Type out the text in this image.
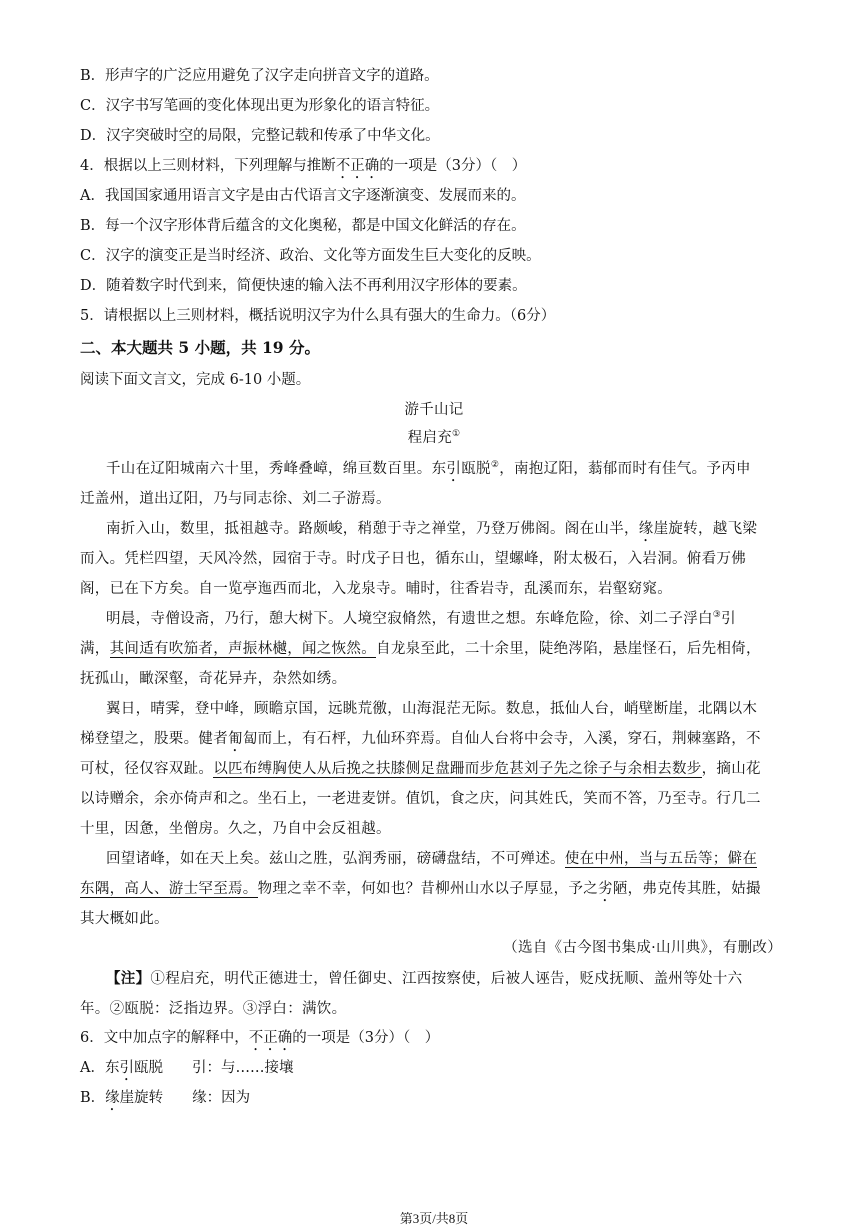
B．形声字的广泛应用避免了汉字走向拼音文字的道路。
C．汉字书写笔画的变化体现出更为形象化的语言特征。
D．汉字突破时空的局限，完整记载和传承了中华文化。
4．根据以上三则材料，下列理解与推断不正确的一项是（3分）（　）
A．我国国家通用语言文字是由古代语言文字逐渐演变、发展而来的。
B．每一个汉字形体背后蕴含的文化奥秘，都是中国文化鲜活的存在。
C．汉字的演变正是当时经济、政治、文化等方面发生巨大变化的反映。
D．随着数字时代到来，简便快速的输入法不再利用汉字形体的要素。
5．请根据以上三则材料，概括说明汉字为什么具有强大的生命力。（6分）
二、本大题共 5 小题，共 19 分。
阅读下面文言文，完成 6-10 小题。
游千山记
程启充①
千山在辽阳城南六十里，秀峰叠嶂，绵亘数百里。东引瓯脱②，南抱辽阳，蓊郁而时有佳气。予丙申
迁盖州，道出辽阳，乃与同志徐、刘二子游焉。
南折入山，数里，抵祖越寺。路颇峻，稍憩于寺之禅堂，乃登万佛阁。阁在山半，缘崖旋转，越飞梁
而入。凭栏四望，天风冷然，园宿于寺。时戊子日也，循东山，望螺峰，附太极石，入岩洞。俯看万佛
阁，已在下方矣。自一览亭迤西而北，入龙泉寺。晡时，往香岩寺，乱溪而东，岩壑窈窕。
明晨，寺僧设斋，乃行，憩大树下。人境空寂脩然，有遗世之想。东峰危险，徐、刘二子浮白③引
满，其间适有吹笳者，声振林樾，闻之恢然。自龙泉至此，二十余里，陡绝涔陷，悬崖怪石，后先相倚，
抚孤山，瞰深壑，奇花异卉，杂然如绣。
翼日，晴霁，登中峰，顾瞻京国，远眺荒徼，山海混茫无际。数息，抵仙人台，峭壁断崖，北隅以木
梯登望之，股栗。健者匍匐而上，有石枰，九仙环弈焉。自仙人台将中会寺，入溪，穿石，荆棘塞路，不
可杖，径仅容双趾。以匹布缚胸使人从后挽之扶膝侧足盘跚而步危甚刘子先之徐子与余相去数步，摘山花
以诗赠余，余亦倚声和之。坐石上，一老进麦饼。值饥，食之庆，问其姓氏，笑而不答，乃至寺。行几二
十里，因惫，坐僧房。久之，乃自中会反祖越。
回望诸峰，如在天上矣。兹山之胜，弘润秀丽，磅礴盘结，不可殚述。使在中州，当与五岳等；僻在
东隅，高人、游士罕至焉。物理之幸不幸，何如也？昔柳州山水以子厚显，予之劣陋，弗克传其胜，姑撮
其大概如此。
（选自《古今图书集成·山川典》，有删改）
【注】①程启充，明代正德进士，曾任御史、江西按察使，后被人诬告，贬戍抚顺、盖州等处十六
年。②瓯脱：泛指边界。③浮白：满饮。
6．文中加点字的解释中，不正确的一项是（3分）（　）
A．东引瓯脱　　引：与……接壤
B．缘崖旋转　　缘：因为
第3页/共8页
